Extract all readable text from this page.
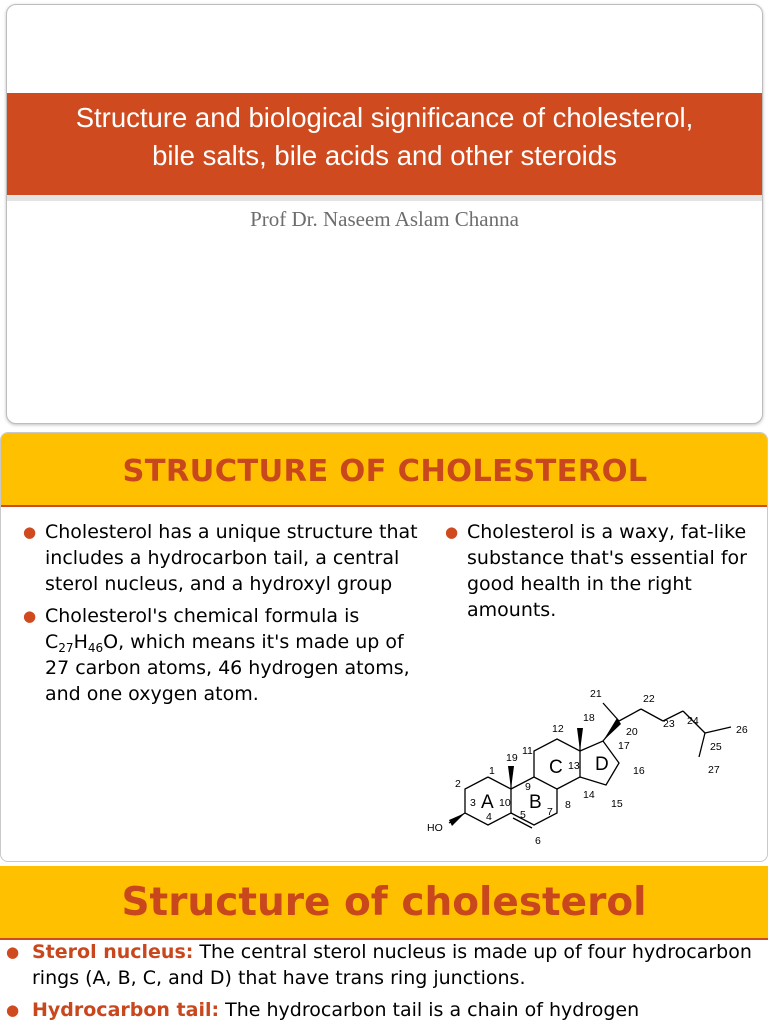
Structure and biological significance of cholesterol,
bile salts, bile acids and other steroids
Prof Dr. Naseem Aslam Channa
STRUCTURE OF CHOLESTEROL
● Cholesterol has a unique structure that includes a hydrocarbon tail, a central sterol nucleus, and a hydroxyl group
● Cholesterol's chemical formula is $C_{27}H_{46}O$, which means it's made up of 27 carbon atoms, 46 hydrogen atoms, and one oxygen atom.
● Cholesterol is a waxy, fat-like substance that's essential for good health in the right amounts.
A B
C D
HO
1
2
3
4	5
6
7
8
9
10
11
12
13
14
15
16
17
18
19
20
21	22
23 24
25
26
27
Structure of cholesterol
● Sterol nucleus: The central sterol nucleus is made up of four hydrocarbon rings (A, B, C, and D) that have trans ring junctions.
● Hydrocarbon tail: The hydrocarbon tail is a chain of hydrogen
